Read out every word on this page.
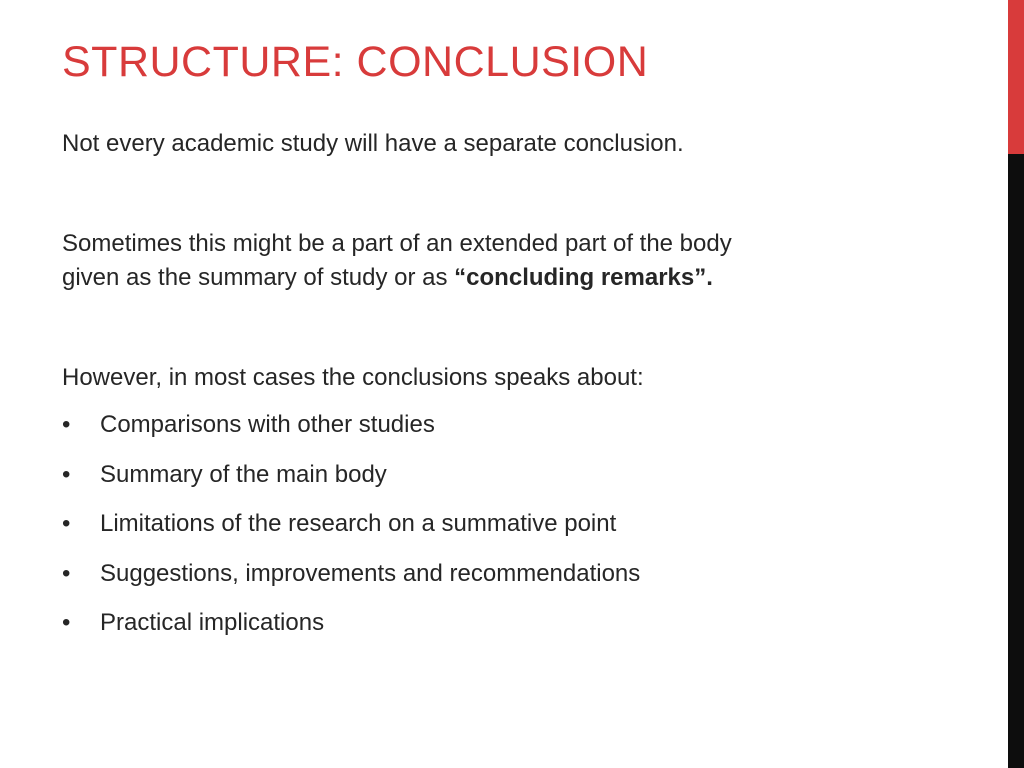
STRUCTURE: CONCLUSION
Not every academic study will have a separate conclusion.
Sometimes this might be a part of an extended part of the body
given as the summary of study or as “concluding remarks”.
However, in most cases the conclusions speaks about:
•	Comparisons with other studies
•	Summary of the main body
•	Limitations of the research on a summative point
•	Suggestions, improvements and recommendations
•	Practical implications
